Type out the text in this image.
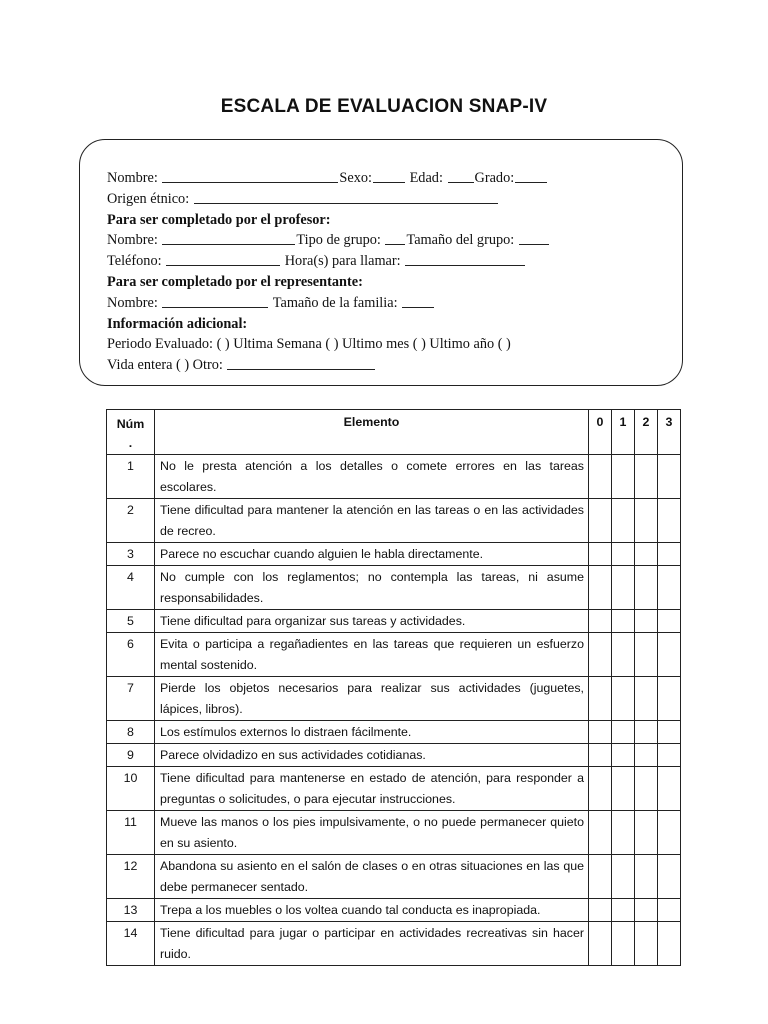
ESCALA DE EVALUACION SNAP-IV
Nombre:	Sexo:	Edad: Grado:
Origen étnico:
Para ser completado por el profesor:
Nombre:	Tipo de grupo: Tamaño del grupo:
Teléfono:	Hora(s) para llamar:
Para ser completado por el representante:
Nombre:	Tamaño de la familia:
Información adicional:
Periodo Evaluado: ( ) Ultima Semana ( ) Ultimo mes ( ) Ultimo año ( )
Vida entera ( ) Otro:
Núm
.	Elemento	0	1	2	3
1	No le presta atención a los detalles o comete errores en las tareas escolares.				
2	Tiene dificultad para mantener la atención en las tareas o en las actividades de recreo.				
3	Parece no escuchar cuando alguien le habla directamente.				
4	No cumple con los reglamentos; no contempla las tareas, ni asume responsabilidades.				
5	Tiene dificultad para organizar sus tareas y actividades.				
6	Evita o participa a regañadientes en las tareas que requieren un esfuerzo mental sostenido.				
7	Pierde los objetos necesarios para realizar sus actividades (juguetes, lápices, libros).				
8	Los estímulos externos lo distraen fácilmente.				
9	Parece olvidadizo en sus actividades cotidianas.				
10	Tiene dificultad para mantenerse en estado de atención, para responder a preguntas o solicitudes, o para ejecutar instrucciones.				
11	Mueve las manos o los pies impulsivamente, o no puede permanecer quieto en su asiento.				
12	Abandona su asiento en el salón de clases o en otras situaciones en las que debe permanecer sentado.				
13	Trepa a los muebles o los voltea cuando tal conducta es inapropiada.				
14	Tiene dificultad para jugar o participar en actividades recreativas sin hacer ruido.				
